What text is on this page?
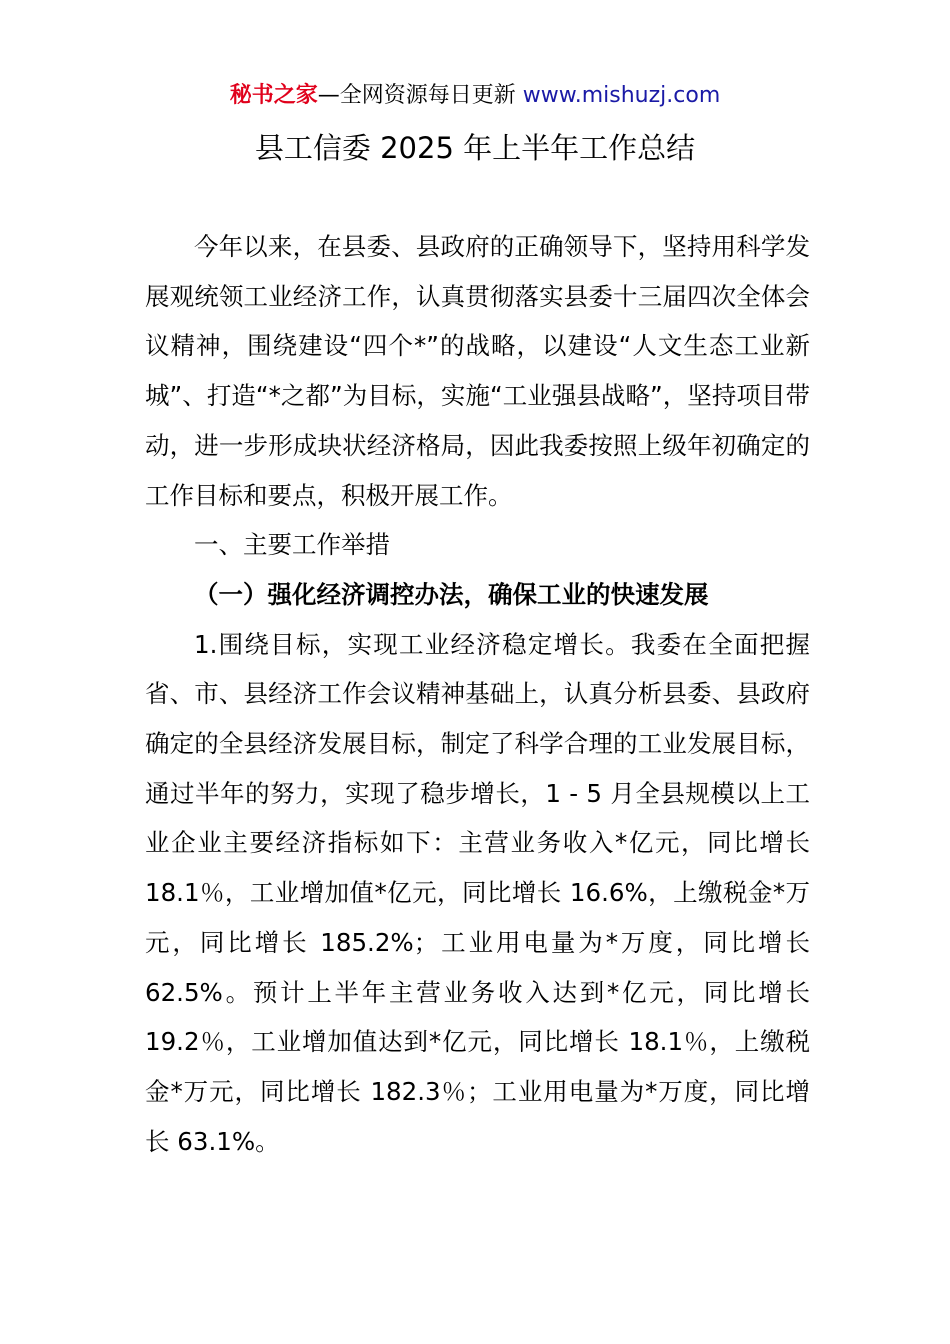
秘书之家—全网资源每日更新 www.mishuzj.com
县工信委 2025 年上半年工作总结

今年以来，在县委、县政府的正确领导下，坚持用科学发展观统领工业经济工作，认真贯彻落实县委十三届四次全体会议精神，围绕建设“四个*”的战略，以建设“人文生态工业新城”、打造“*之都”为目标，实施“工业强县战略”，坚持项目带动，进一步形成块状经济格局，因此我委按照上级年初确定的工作目标和要点，积极开展工作。

一、主要工作举措

（一）强化经济调控办法，确保工业的快速发展

1.围绕目标，实现工业经济稳定增长。我委在全面把握省、市、县经济工作会议精神基础上，认真分析县委、县政府确定的全县经济发展目标，制定了科学合理的工业发展目标，通过半年的努力，实现了稳步增长，1 - 5 月全县规模以上工业企业主要经济指标如下：主营业务收入*亿元，同比增长 18.1％，工业增加值*亿元，同比增长 16.6%，上缴税金*万元，同比增长 185.2%；工业用电量为*万度，同比增长 62.5%。预计上半年主营业务收入达到*亿元，同比增长 19.2％，工业增加值达到*亿元，同比增长 18.1％，上缴税金*万元，同比增长 182.3％；工业用电量为*万度，同比增长 63.1%。
